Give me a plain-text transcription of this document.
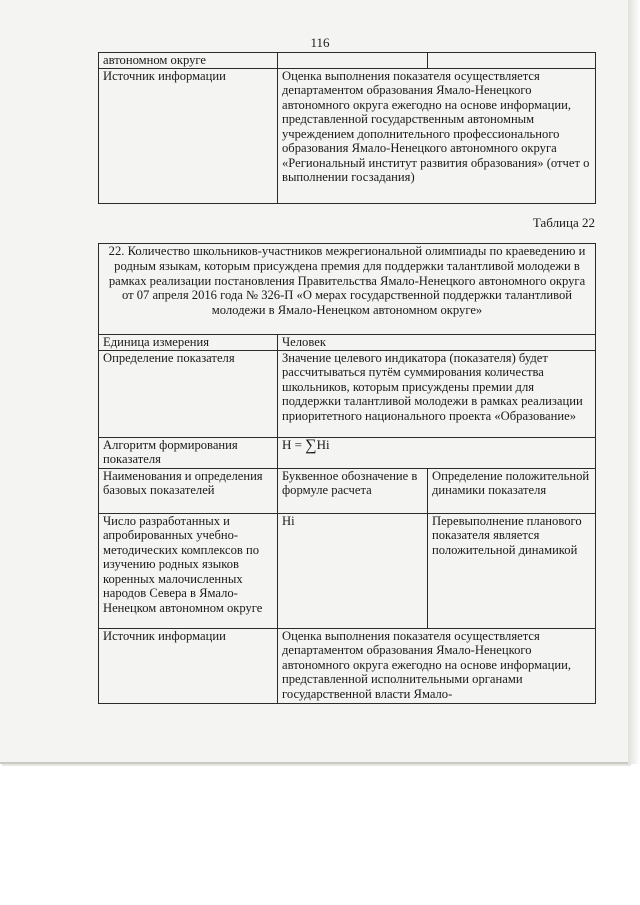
116
автономном округе		
Источник информации	Оценка выполнения показателя осуществляется департаментом образования Ямало-Ненецкого автономного округа ежегодно на основе информации, представленной государственным автономным учреждением дополнительного профессионального образования Ямало-Ненецкого автономного округа «Региональный институт развития образования» (отчет о выполнении госзадания)	
Таблица 22
22. Количество школьников-участников межрегиональной олимпиады по краеведению и родным языкам, которым присуждена премия для поддержки талантливой молодежи в рамках реализации постановления Правительства Ямало-Ненецкого автономного округа от 07 апреля 2016 года № 326-П «О мерах государственной поддержки талантливой молодежи в Ямало-Ненецком автономном округе»		
Единица измерения	Человек	
Определение показателя	Значение целевого индикатора (показателя) будет рассчитываться путём суммирования количества школьников, которым присуждены премии для поддержки талантливой молодежи в рамках реализации приоритетного национального проекта «Образование»	
Алгоритм формирования показателя	Н = ∑Hi	
Наименования и определения базовых показателей	Буквенное обозначение в формуле расчета	Определение положительной динамики показателя
Число разработанных и апробированных учебно-методических комплексов по изучению родных языков коренных малочисленных народов Севера в Ямало-Ненецком автономном округе	Hi	Перевыполнение планового показателя является положительной динамикой
Источник информации	Оценка выполнения показателя осуществляется департаментом образования Ямало-Ненецкого автономного округа ежегодно на основе информации, представленной исполнительными органами государственной власти Ямало-	
